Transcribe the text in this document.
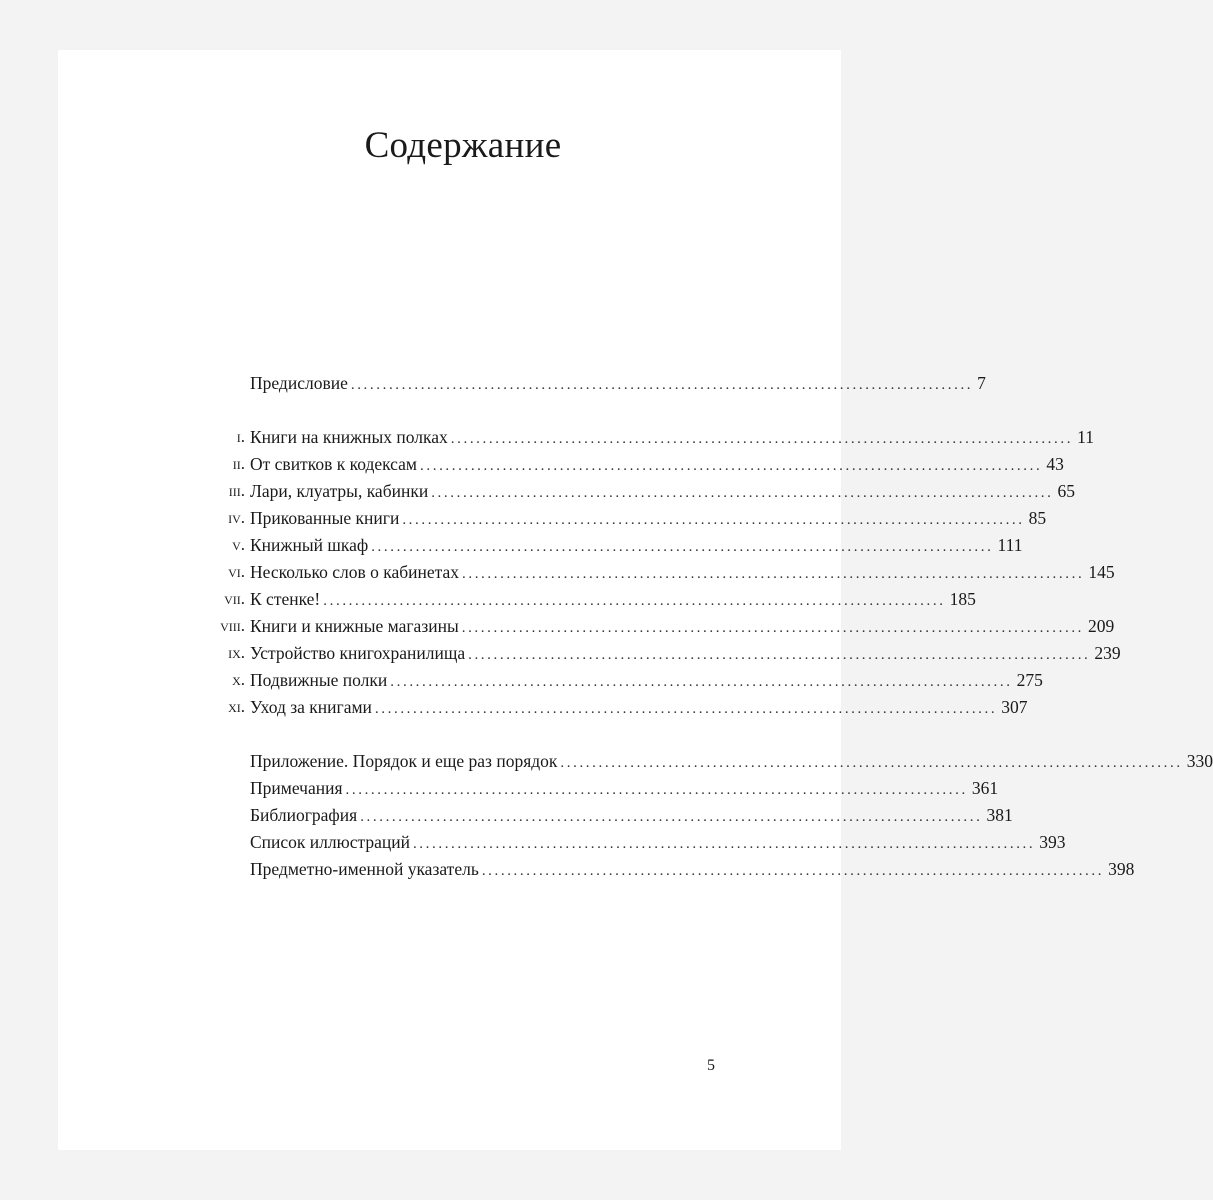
Содержание
Предисловие .................................................................................................. 7
i. Книги на книжных полках .................................................................................................. 11
ii. От свитков к кодексам .................................................................................................. 43
iii. Лари, клуатры, кабинки .................................................................................................. 65
iv. Прикованные книги .................................................................................................. 85
v. Книжный шкаф .................................................................................................. 111
vi. Несколько слов о кабинетах .................................................................................................. 145
vii. К стенке! .................................................................................................. 185
viii. Книги и книжные магазины .................................................................................................. 209
ix. Устройство книгохранилища .................................................................................................. 239
x. Подвижные полки .................................................................................................. 275
xi. Уход за книгами .................................................................................................. 307
Приложение. Порядок и еще раз порядок .................................................................................................. 330
Примечания .................................................................................................. 361
Библиография .................................................................................................. 381
Список иллюстраций .................................................................................................. 393
Предметно-именной указатель .................................................................................................. 398
5
